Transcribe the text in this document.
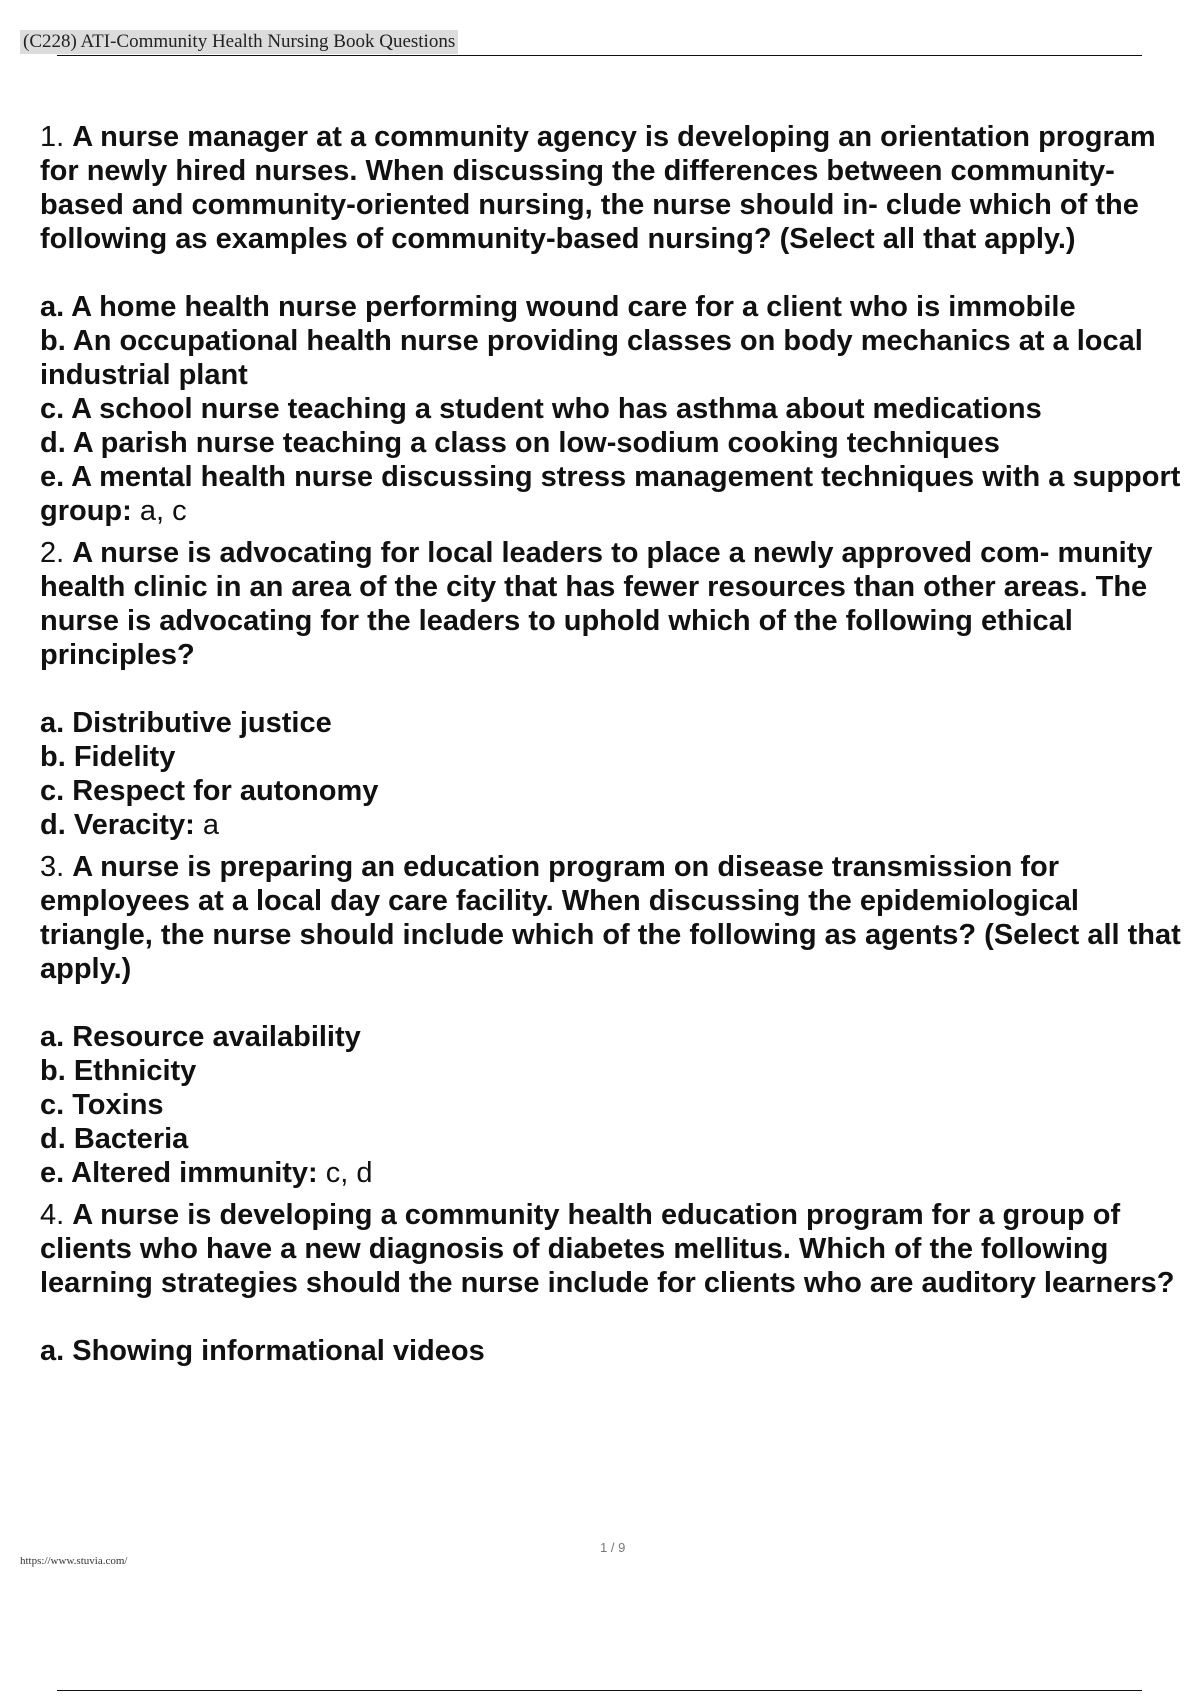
(C228) ATI-Community Health Nursing Book Questions

1. A nurse manager at a community agency is developing an orientation program for newly hired nurses. When discussing the differences between community-based and community-oriented nursing, the nurse should in- clude which of the following as examples of community-based nursing? (Select all that apply.)

a. A home health nurse performing wound care for a client who is immobile

b. An occupational health nurse providing classes on body mechanics at a local industrial plant

c. A school nurse teaching a student who has asthma about medications

d. A parish nurse teaching a class on low-sodium cooking techniques

e. A mental health nurse discussing stress management techniques with a support group: a, c

2. A nurse is advocating for local leaders to place a newly approved com- munity health clinic in an area of the city that has fewer resources than other areas. The nurse is advocating for the leaders to uphold which of the following ethical principles?

a. Distributive justice

b. Fidelity

c. Respect for autonomy

d. Veracity: a

3. A nurse is preparing an education program on disease transmission for employees at a local day care facility. When discussing the epidemiological triangle, the nurse should include which of the following as agents? (Select all that apply.)

a. Resource availability

b. Ethnicity

c. Toxins

d. Bacteria

e. Altered immunity: c, d

4. A nurse is developing a community health education program for a group of clients who have a new diagnosis of diabetes mellitus. Which of the following learning strategies should the nurse include for clients who are auditory learners?

a. Showing informational videos

https://www.stuvia.com/
1 / 9
